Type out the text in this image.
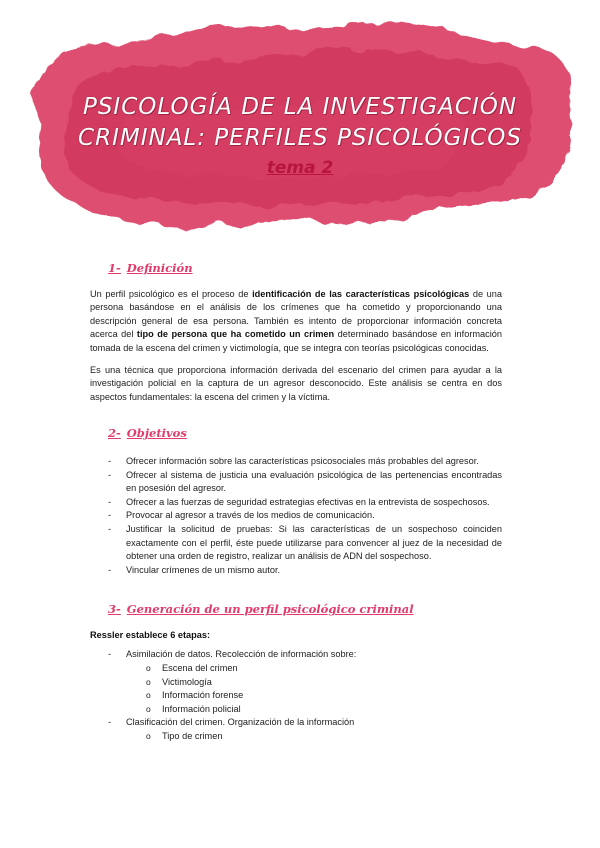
PSICOLOGÍA DE LA INVESTIGACIÓN
CRIMINAL: PERFILES PSICOLÓGICOS
tema 2
1- Definición

Un perfil psicológico es el proceso de identificación de las características psicológicas de una persona basándose en el análisis de los crímenes que ha cometido y proporcionando una descripción general de esa persona. También es intento de proporcionar información concreta acerca del tipo de persona que ha cometido un crimen determinado basándose en información tomada de la escena del crimen y victimología, que se integra con teorías psicológicas conocidas.

Es una técnica que proporciona información derivada del escenario del crimen para ayudar a la investigación policial en la captura de un agresor desconocido. Este análisis se centra en dos aspectos fundamentales: la escena del crimen y la víctima.

2- Objetivos
- Ofrecer información sobre las características psicosociales más probables del agresor.
- Ofrecer al sistema de justicia una evaluación psicológica de las pertenencias encontradas en posesión del agresor.
- Ofrecer a las fuerzas de seguridad estrategias efectivas en la entrevista de sospechosos.
- Provocar al agresor a través de los medios de comunicación.
- Justificar la solicitud de pruebas: Si las características de un sospechoso coinciden exactamente con el perfil, éste puede utilizarse para convencer al juez de la necesidad de obtener una orden de registro, realizar un análisis de ADN del sospechoso.
- Vincular crímenes de un mismo autor.
3- Generación de un perfil psicológico criminal

Ressler establece 6 etapas:

- Asimilación de datos. Recolección de información sobre:
o Escena del crimen
o Victimología
o Información forense
o Información policial
- Clasificación del crimen. Organización de la información
o Tipo de crimen
